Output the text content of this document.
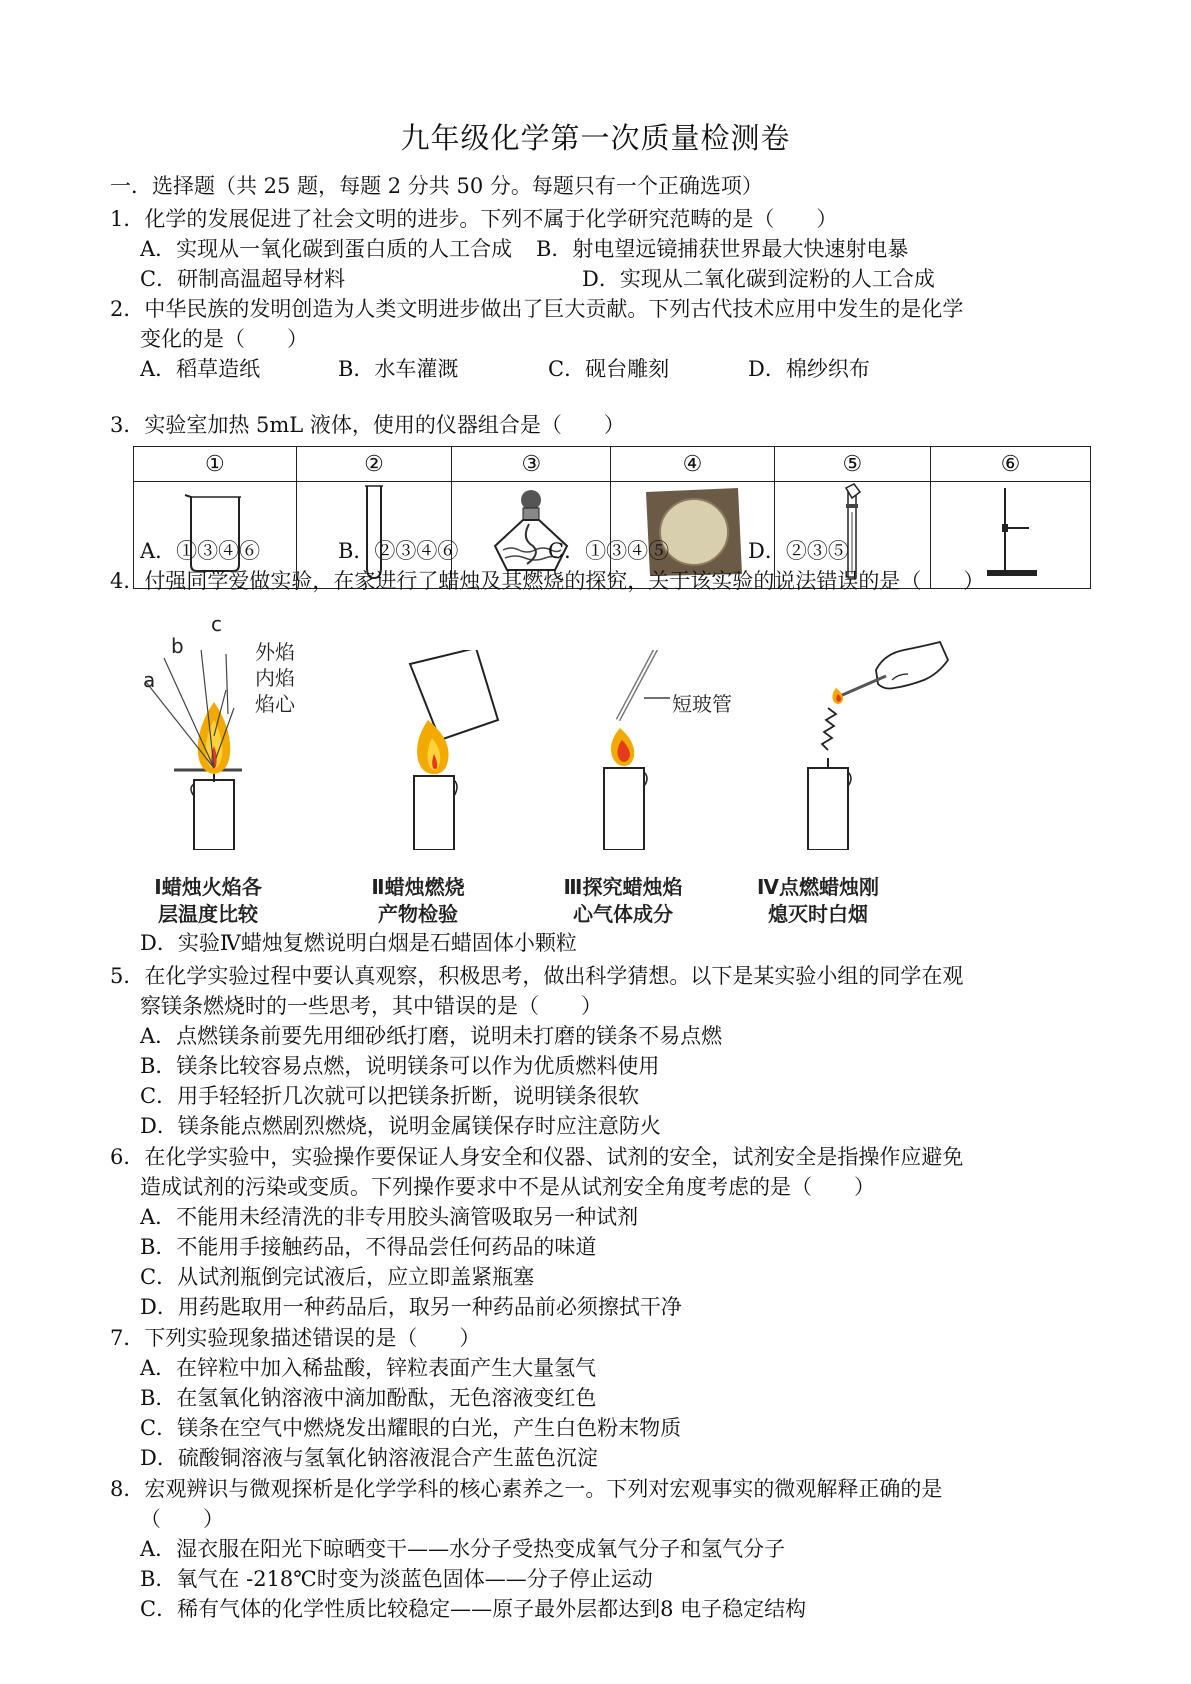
九年级化学第一次质量检测卷
一．选择题（共 25 题，每题 2 分共 50 分。每题只有一个正确选项）
1．化学的发展促进了社会文明的进步。下列不属于化学研究范畴的是（　　）
A．实现从一氧化碳到蛋白质的人工合成 B．射电望远镜捕获世界最大快速射电暴
C．研制高温超导材料	D．实现从二氧化碳到淀粉的人工合成
2．中华民族的发明创造为人类文明进步做出了巨大贡献。下列古代技术应用中发生的是化学
变化的是（　　）
A．稻草造纸	B．水车灌溉	C．砚台雕刻	D．棉纱织布
3．实验室加热 5mL 液体，使用的仪器组合是（　　）
①	②	③	④	⑤	⑥

A．①③④⑥	B．②③④⑥	C．①③④⑤	D．②③⑤
4．付强同学爱做实验，在家进行了蜡烛及其燃烧的探究，关于该实验的说法错误的是（　　）
外焰
内焰
焰心
a
b
c
短玻管
Ⅰ蜡烛火焰各
层温度比较
Ⅱ蜡烛燃烧
产物检验
Ⅲ探究蜡烛焰
心气体成分
Ⅳ点燃蜡烛刚
熄灭时白烟
D．实验Ⅳ蜡烛复燃说明白烟是石蜡固体小颗粒
5．在化学实验过程中要认真观察，积极思考，做出科学猜想。以下是某实验小组的同学在观
察镁条燃烧时的一些思考，其中错误的是（　　）
A．点燃镁条前要先用细砂纸打磨，说明未打磨的镁条不易点燃
B．镁条比较容易点燃，说明镁条可以作为优质燃料使用
C．用手轻轻折几次就可以把镁条折断，说明镁条很软
D．镁条能点燃剧烈燃烧，说明金属镁保存时应注意防火
6．在化学实验中，实验操作要保证人身安全和仪器、试剂的安全，试剂安全是指操作应避免
造成试剂的污染或变质。下列操作要求中不是从试剂安全角度考虑的是（　　）
A．不能用未经清洗的非专用胶头滴管吸取另一种试剂
B．不能用手接触药品，不得品尝任何药品的味道
C．从试剂瓶倒完试液后，应立即盖紧瓶塞
D．用药匙取用一种药品后，取另一种药品前必须擦拭干净
7．下列实验现象描述错误的是（　　）
A．在锌粒中加入稀盐酸，锌粒表面产生大量氢气
B．在氢氧化钠溶液中滴加酚酞，无色溶液变红色
C．镁条在空气中燃烧发出耀眼的白光，产生白色粉末物质
D．硫酸铜溶液与氢氧化钠溶液混合产生蓝色沉淀
8．宏观辨识与微观探析是化学学科的核心素养之一。下列对宏观事实的微观解释正确的是
（　　）
A．湿衣服在阳光下晾晒变干——水分子受热变成氧气分子和氢气分子
B．氧气在 -218℃时变为淡蓝色固体——分子停止运动
C．稀有气体的化学性质比较稳定——原子最外层都达到8 电子稳定结构
